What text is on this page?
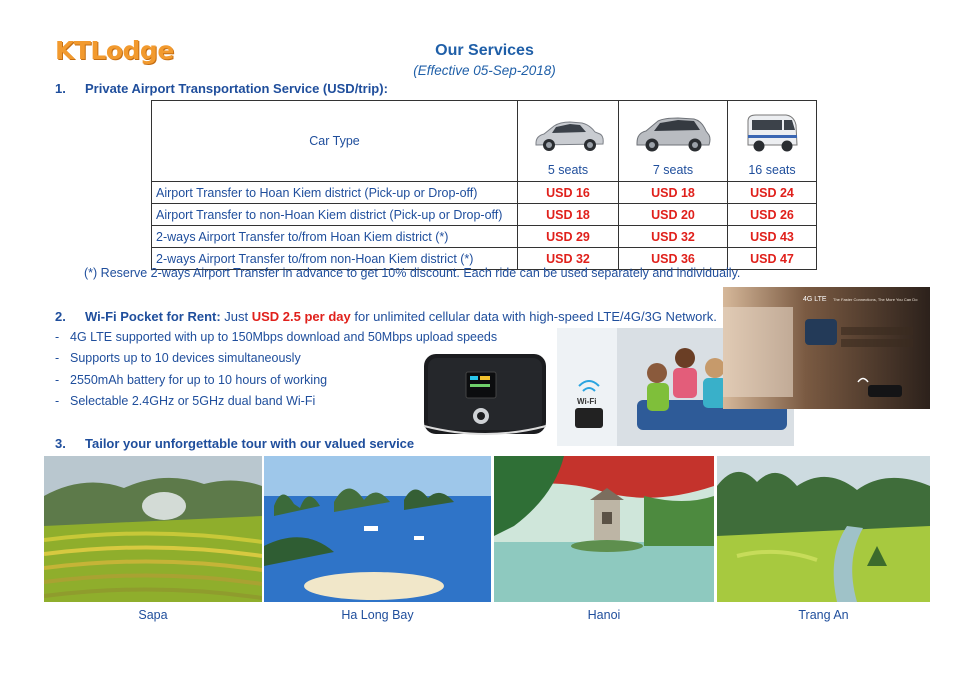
KTLodge	Our Services
(Effective 05-Sep-2018)
1. Private Airport Transportation Service (USD/trip):
Car Type	5 seats	7 seats	16 seats
Airport Transfer to Hoan Kiem district (Pick-up or Drop-off)	USD 16	USD 18	USD 24
Airport Transfer to non-Hoan Kiem district (Pick-up or Drop-off)	USD 18	USD 20	USD 26
2-ways Airport Transfer to/from Hoan Kiem district (*)	USD 29	USD 32	USD 43
2-ways Airport Transfer to/from non-Hoan Kiem district (*)	USD 32	USD 36	USD 47
(*) Reserve 2-ways Airport Transfer in advance to get 10% discount. Each ride can be used separately and individually.
2. Wi-Fi Pocket for Rent: Just USD 2.5 per day for unlimited cellular data with high-speed LTE/4G/3G Network.
- 4G LTE supported with up to 150Mbps download and 50Mbps upload speeds
- Supports up to 10 devices simultaneously
- 2550mAh battery for up to 10 hours of working
- Selectable 2.4GHz or 5GHz dual band Wi-Fi	Wi-Fi
4G LTE The Faster Connections, The More You Can Do
3. Tailor your unforgettable tour with our valued service
Sapa	Ha Long Bay	Hanoi	Trang An
